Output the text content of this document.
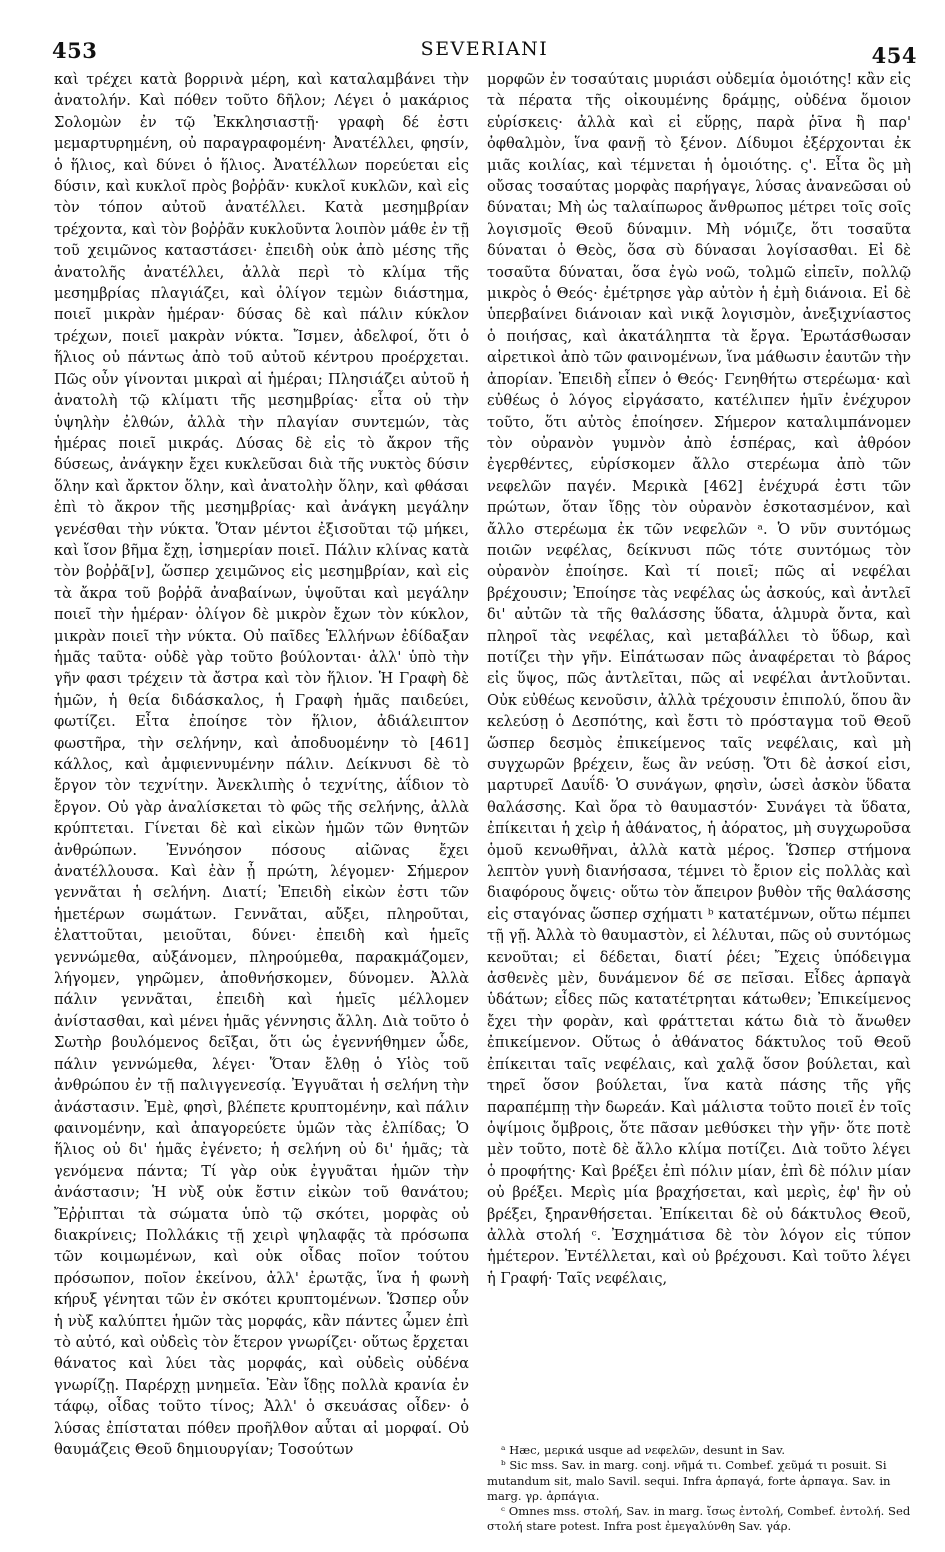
453	SEVERIANI	454
καὶ τρέχει κατὰ βορρινὰ μέρη, καὶ καταλαμβάνει τὴν ἀνατολήν. Καὶ πόθεν τοῦτο δῆλον; Λέγει ὁ μακάριος Σολομὼν ἐν τῷ Ἐκκλησιαστῇ· γραφὴ δέ ἐστι μεμαρτυρημένη, οὐ παραγραφομένη· Ἀνατέλλει, φησίν, ὁ ἥλιος, καὶ δύνει ὁ ἥλιος. Ἀνατέλλων πορεύεται εἰς δύσιν, καὶ κυκλοῖ πρὸς βοῤῥᾶν· κυκλοῖ κυκλῶν, καὶ εἰς τὸν τόπον αὐτοῦ ἀνατέλλει. Κατὰ μεσημβρίαν τρέχοντα, καὶ τὸν βοῤῥᾶν κυκλοῦντα λοιπὸν μάθε ἐν τῇ τοῦ χειμῶνος καταστάσει· ἐπειδὴ οὐκ ἀπὸ μέσης τῆς ἀνατολῆς ἀνατέλλει, ἀλλὰ περὶ τὸ κλίμα τῆς μεσημβρίας πλαγιάζει, καὶ ὀλίγον τεμὼν διάστημα, ποιεῖ μικρὰν ἡμέραν· δύσας δὲ καὶ πάλιν κύκλον τρέχων, ποιεῖ μακρὰν νύκτα. Ἴσμεν, ἀδελφοί, ὅτι ὁ ἥλιος οὐ πάντως ἀπὸ τοῦ αὐτοῦ κέντρου προέρχεται. Πῶς οὖν γίνονται μικραὶ αἱ ἡμέραι; Πλησιάζει αὐτοῦ ἡ ἀνατολὴ τῷ κλίματι τῆς μεσημβρίας· εἶτα οὐ τὴν ὑψηλὴν ἐλθών, ἀλλὰ τὴν πλαγίαν συντεμών, τὰς ἡμέρας ποιεῖ μικράς. Δύσας δὲ εἰς τὸ ἄκρον τῆς δύσεως, ἀνάγκην ἔχει κυκλεῦσαι διὰ τῆς νυκτὸς δύσιν ὅλην καὶ ἄρκτον ὅλην, καὶ ἀνατολὴν ὅλην, καὶ φθάσαι ἐπὶ τὸ ἄκρον τῆς μεσημβρίας· καὶ ἀνάγκη μεγάλην γενέσθαι τὴν νύκτα. Ὅταν μέντοι ἐξισοῦται τῷ μήκει, καὶ ἴσον βῆμα ἔχῃ, ἰσημερίαν ποιεῖ. Πάλιν κλίνας κατὰ τὸν βοῤῥᾶ[ν], ὥσπερ χειμῶνος εἰς μεσημβρίαν, καὶ εἰς τὰ ἄκρα τοῦ βοῤῥᾶ ἀναβαίνων, ὑψοῦται καὶ μεγάλην ποιεῖ τὴν ἡμέραν· ὀλίγον δὲ μικρὸν ἔχων τὸν κύκλον, μικρὰν ποιεῖ τὴν νύκτα. Οὐ παῖδες Ἑλλήνων ἐδίδαξαν ἡμᾶς ταῦτα· οὐδὲ γὰρ τοῦτο βούλονται· ἀλλ' ὑπὸ τὴν γῆν φασι τρέχειν τὰ ἄστρα καὶ τὸν ἥλιον. Ἡ Γραφὴ δὲ ἡμῶν, ἡ θεία διδάσκαλος, ἡ Γραφὴ ἡμᾶς παιδεύει, φωτίζει. Εἶτα ἐποίησε τὸν ἥλιον, ἀδιάλειπτον φωστῆρα, τὴν σελήνην, καὶ ἀποδυομένην τὸ [461] κάλλος, καὶ ἀμφιεννυμένην πάλιν. Δείκνυσι δὲ τὸ ἔργον τὸν τεχνίτην. Ἀνεκλιπὴς ὁ τεχνίτης, ἀΐδιον τὸ ἔργον. Οὐ γὰρ ἀναλίσκεται τὸ φῶς τῆς σελήνης, ἀλλὰ κρύπτεται. Γίνεται δὲ καὶ εἰκὼν ἡμῶν τῶν θνητῶν ἀνθρώπων. Ἐννόησον πόσους αἰῶνας ἔχει ἀνατέλλουσα. Καὶ ἐὰν ᾖ πρώτη, λέγομεν· Σήμερον γεννᾶται ἡ σελήνη. Διατί; Ἐπειδὴ εἰκὼν ἐστι τῶν ἡμετέρων σωμάτων. Γεννᾶται, αὔξει, πληροῦται, ἐλαττοῦται, μειοῦται, δύνει· ἐπειδὴ καὶ ἡμεῖς γεννώμεθα, αὐξάνομεν, πληρούμεθα, παρακμάζομεν, λήγομεν, γηρῶμεν, ἀποθνήσκομεν, δύνομεν. Ἀλλὰ πάλιν γεννᾶται, ἐπειδὴ καὶ ἡμεῖς μέλλομεν ἀνίστασθαι, καὶ μένει ἡμᾶς γέννησις ἄλλη. Διὰ τοῦτο ὁ Σωτὴρ βουλόμενος δεῖξαι, ὅτι ὡς ἐγεννήθημεν ὧδε, πάλιν γεννώμεθα, λέγει· Ὅταν ἔλθῃ ὁ Υἱὸς τοῦ ἀνθρώπου ἐν τῇ παλιγγενεσίᾳ. Ἐγγυᾶται ἡ σελήνη τὴν ἀνάστασιν. Ἐμὲ, φησὶ, βλέπετε κρυπτομένην, καὶ πάλιν φαινομένην, καὶ ἀπαγορεύετε ὑμῶν τὰς ἐλπίδας; Ὁ ἥλιος οὐ δι' ἡμᾶς ἐγένετο; ἡ σελήνη οὐ δι' ἡμᾶς; τὰ γενόμενα πάντα; Τί γὰρ οὐκ ἐγγυᾶται ἡμῶν τὴν ἀνάστασιν; Ἡ νὺξ οὐκ ἔστιν εἰκὼν τοῦ θανάτου; Ἔῤῥιπται τὰ σώματα ὑπὸ τῷ σκότει, μορφὰς οὐ διακρίνεις; Πολλάκις τῇ χειρὶ ψηλαφᾷς τὰ πρόσωπα τῶν κοιμωμένων, καὶ οὐκ οἶδας ποῖον τούτου πρόσωπον, ποῖον ἐκείνου, ἀλλ' ἐρωτᾷς, ἵνα ἡ φωνὴ κήρυξ γένηται τῶν ἐν σκότει κρυπτομένων. Ὥσπερ οὖν ἡ νὺξ καλύπτει ἡμῶν τὰς μορφάς, κἂν πάντες ὦμεν ἐπὶ τὸ αὐτό, καὶ οὐδεὶς τὸν ἕτερον γνωρίζει· οὕτως ἔρχεται θάνατος καὶ λύει τὰς μορφάς, καὶ οὐδεὶς οὐδένα γνωρίζῃ. Παρέρχῃ μνημεῖα. Ἐὰν ἴδῃς πολλὰ κρανία ἐν τάφῳ, οἶδας τοῦτο τίνος; Ἀλλ' ὁ σκευάσας οἶδεν· ὁ λύσας ἐπίσταται πόθεν προῆλθον αὗται αἱ μορφαί. Οὐ θαυμάζεις Θεοῦ δημιουργίαν; Τοσούτων
μορφῶν ἐν τοσαύταις μυριάσι οὐδεμία ὁμοιότης! κἂν εἰς τὰ πέρατα τῆς οἰκουμένης δράμῃς, οὐδένα ὅμοιον εὑρίσκεις· ἀλλὰ καὶ εἰ εὕρῃς, παρὰ ῥῖνα ἢ παρ' ὀφθαλμὸν, ἵνα φανῇ τὸ ξένον. Δίδυμοι ἐξέρχονται ἐκ μιᾶς κοιλίας, καὶ τέμνεται ἡ ὁμοιότης. ς'. Εἶτα ὃς μὴ οὔσας τοσαύτας μορφὰς παρήγαγε, λύσας ἀνανεῶσαι οὐ δύναται; Μὴ ὡς ταλαίπωρος ἄνθρωπος μέτρει τοῖς σοῖς λογισμοῖς Θεοῦ δύναμιν. Μὴ νόμιζε, ὅτι τοσαῦτα δύναται ὁ Θεὸς, ὅσα σὺ δύνασαι λογίσασθαι. Εἰ δὲ τοσαῦτα δύναται, ὅσα ἐγὼ νοῶ, τολμῶ εἰπεῖν, πολλῷ μικρὸς ὁ Θεός· ἐμέτρησε γὰρ αὐτὸν ἡ ἐμὴ διάνοια. Εἰ δὲ ὑπερβαίνει διάνοιαν καὶ νικᾷ λογισμὸν, ἀνεξιχνίαστος ὁ ποιήσας, καὶ ἀκατάληπτα τὰ ἔργα. Ἐρωτάσθωσαν αἰρετικοὶ ἀπὸ τῶν φαινομένων, ἵνα μάθωσιν ἑαυτῶν τὴν ἀπορίαν. Ἐπειδὴ εἶπεν ὁ Θεός· Γενηθήτω στερέωμα· καὶ εὐθέως ὁ λόγος εἰργάσατο, κατέλιπεν ἡμῖν ἐνέχυρον τοῦτο, ὅτι αὐτὸς ἐποίησεν. Σήμερον καταλιμπάνομεν τὸν οὐρανὸν γυμνὸν ἀπὸ ἑσπέρας, καὶ ἀθρόον ἐγερθέντες, εὑρίσκομεν ἄλλο στερέωμα ἀπὸ τῶν νεφελῶν παγέν. Μερικὰ [462] ἐνέχυρά ἐστι τῶν πρώτων, ὅταν ἴδῃς τὸν οὐρανὸν ἐσκοτασμένον, καὶ ἄλλο στερέωμα ἐκ τῶν νεφελῶν ᵃ. Ὁ νῦν συντόμως ποιῶν νεφέλας, δείκνυσι πῶς τότε συντόμως τὸν οὐρανὸν ἐποίησε. Καὶ τί ποιεῖ; πῶς αἱ νεφέλαι βρέχουσιν; Ἐποίησε τὰς νεφέλας ὡς ἀσκούς, καὶ ἀντλεῖ δι' αὐτῶν τὰ τῆς θαλάσσης ὕδατα, ἁλμυρὰ ὄντα, καὶ πληροῖ τὰς νεφέλας, καὶ μεταβάλλει τὸ ὕδωρ, καὶ ποτίζει τὴν γῆν. Εἰπάτωσαν πῶς ἀναφέρεται τὸ βάρος εἰς ὕψος, πῶς ἀντλεῖται, πῶς αἱ νεφέλαι ἀντλοῦνται. Οὐκ εὐθέως κενοῦσιν, ἀλλὰ τρέχουσιν ἐπιπολύ, ὅπου ἂν κελεύσῃ ὁ Δεσπότης, καὶ ἔστι τὸ πρόσταγμα τοῦ Θεοῦ ὥσπερ δεσμὸς ἐπικείμενος ταῖς νεφέλαις, καὶ μὴ συγχωρῶν βρέχειν, ἕως ἂν νεύσῃ. Ὅτι δὲ ἀσκοί εἰσι, μαρτυρεῖ Δαυΐδ· Ὁ συνάγων, φησὶν, ὡσεὶ ἀσκὸν ὕδατα θαλάσσης. Καὶ ὅρα τὸ θαυμαστόν· Συνάγει τὰ ὕδατα, ἐπίκειται ἡ χεὶρ ἡ ἀθάνατος, ἡ ἀόρατος, μὴ συγχωροῦσα ὁμοῦ κενωθῆναι, ἀλλὰ κατὰ μέρος. Ὥσπερ στήμονα λεπτὸν γυνὴ διανήσασα, τέμνει τὸ ἔριον εἰς πολλὰς καὶ διαφόρους ὄψεις· οὕτω τὸν ἄπειρον βυθὸν τῆς θαλάσσης εἰς σταγόνας ὥσπερ σχήματι ᵇ κατατέμνων, οὕτω πέμπει τῇ γῇ. Ἀλλὰ τὸ θαυμαστὸν, εἰ λέλυται, πῶς οὐ συντόμως κενοῦται; εἰ δέδεται, διατί ῥέει; Ἔχεις ὑπόδειγμα ἀσθενὲς μὲν, δυνάμενον δέ σε πεῖσαι. Εἶδες ἁρπαγὰ ὑδάτων; εἶδες πῶς κατατέτρηται κάτωθεν; Ἐπικείμενος ἔχει τὴν φορὰν, καὶ φράττεται κάτω διὰ τὸ ἄνωθεν ἐπικείμενον. Οὕτως ὁ ἀθάνατος δάκτυλος τοῦ Θεοῦ ἐπίκειται ταῖς νεφέλαις, καὶ χαλᾷ ὅσον βούλεται, καὶ τηρεῖ ὅσον βούλεται, ἵνα κατὰ πάσης τῆς γῆς παραπέμπῃ τὴν δωρεάν. Καὶ μάλιστα τοῦτο ποιεῖ ἐν τοῖς ὀψίμοις ὄμβροις, ὅτε πᾶσαν μεθύσκει τὴν γῆν· ὅτε ποτὲ μὲν τοῦτο, ποτὲ δὲ ἄλλο κλίμα ποτίζει. Διὰ τοῦτο λέγει ὁ προφήτης· Καὶ βρέξει ἐπὶ πόλιν μίαν, ἐπὶ δὲ πόλιν μίαν οὐ βρέξει. Μερὶς μία βραχήσεται, καὶ μερὶς, ἐφ' ἣν οὐ βρέξει, ξηρανθήσεται. Ἐπίκειται δὲ οὐ δάκτυλος Θεοῦ, ἀλλὰ στολή ᶜ. Ἐσχημάτισα δὲ τὸν λόγον εἰς τύπον ἡμέτερον. Ἐντέλλεται, καὶ οὐ βρέχουσι. Καὶ τοῦτο λέγει ἡ Γραφή· Ταῖς νεφέλαις,

ᵃ Hæc, μερικά usque ad νεφελῶν, desunt in Sav.

ᵇ Sic mss. Sav. in marg. conj. νῆμά τι. Combef. χεῦμά τι posuit. Si mutandum sit, malo Savil. sequi. Infra ἁρπαγά, forte ἁρπαγα. Sav. in marg. γρ. ἁρπάγια.

ᶜ Omnes mss. στολή, Sav. in marg. ἴσως ἐντολή, Combef. ἐντολή. Sed στολή stare potest. Infra post ἐμεγαλύνθη Sav. γάρ.
